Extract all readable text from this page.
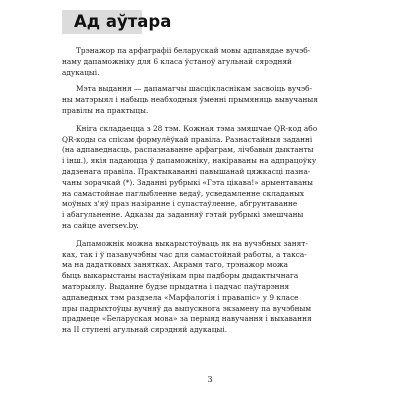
Ад аўтара

Трэнажор па арфаграфіі беларускай мовы адпавядае вучэб-
наму дапаможніку для 6 класа ўстаноў агульнай сярэдняй
адукацыі.

Мэта выдання — дапамагчы шасцікласнікам засвоіць вучэб-
ны матэрыял і набыць неабходныя ўменні прымяняць вывучаныя
правілы на практыцы.

Кніга складаецца з 28 тэм. Кожная тэма змяшчае QR-код або
QR-коды са спісам формулёўкай правіла. Разнастайныя заданні
(на адпаведнасць, распазнаванне арфаграм, лічбавыя дыктанты
і інш.), якія падаюцца ў дапаможніку, накіраваны на адпрацоўку
дадзенага правіла. Практыкаванні павышанай цяжкасці пазна-
чаны зорачкай (*). Заданні рубрыкі «Гэта цікава!» арыентаваны
на самастойнае паглыбленне ведаў, усведамленне складаных
моўных з'яў праз назіранне і супастаўленне, абгрунтаванне
і абагульненне. Адказы да заданняў гэтай рубрыкі змешчаны
на сайце aversev.by.

Дапаможнік можна выкарыстоўваць як на вучэбных занят-
ках, так і ў пазавучэбны час для самастойнай работы, а такса-
ма на дадатковых занятках. Акрамя таго, трэнажор можа
быць выкарыстаны настаўнікам пры падборы дыдактычнага
матэрыялу. Выданне будзе прыдатна і падчас паўтарэння
адпаведных тэм раздзела «Марфалогія і правапіс» у 9 класе
пры падрыхтоўцы вучняў да выпускнога экзамену па вучэбным
прадмеце «Беларуская мова» за перыяд навучання і выхавання
на II ступені агульнай сярэдняй адукацыі.

3
